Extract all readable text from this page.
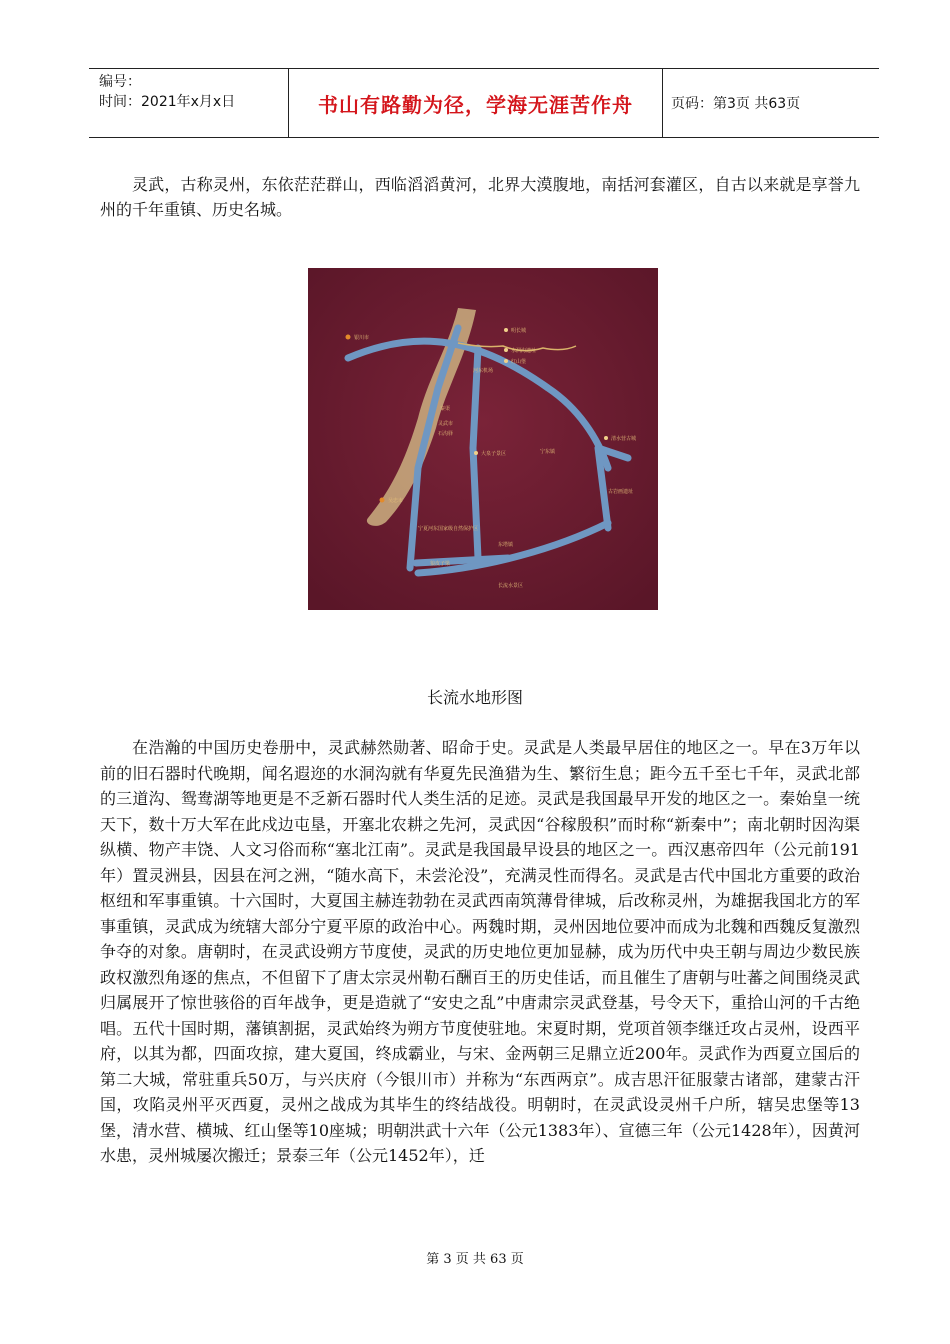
编号：
时间：2021年x月x日	书山有路勤为径，学海无涯苦作舟	页码：第3页 共63页
灵武，古称灵州，东依茫茫群山，西临滔滔黄河，北界大漠腹地，南括河套灌区，自古以来就是享誉九州的千年重镇、历史名城。
银川市
明长城
水洞沟遗址
红山堡
河东机场
秦渠
灵武市
石沟驿
大泉子景区	宁东镇
清水营古城
古岩画遗址
吴忠市
宁夏河东国家级自然保护区
东塔镇
狼皮子梁
长流水景区
长流水地形图
在浩瀚的中国历史卷册中，灵武赫然勋著、昭命于史。灵武是人类最早居住的地区之一。早在3万年以前的旧石器时代晚期，闻名遐迩的水洞沟就有华夏先民渔猎为生、繁衍生息；距今五千至七千年，灵武北部的三道沟、鸳鸯湖等地更是不乏新石器时代人类生活的足迹。灵武是我国最早开发的地区之一。秦始皇一统天下，数十万大军在此戍边屯垦，开塞北农耕之先河，灵武因“谷稼殷积”而时称“新秦中”；南北朝时因沟渠纵横、物产丰饶、人文习俗而称“塞北江南”。灵武是我国最早设县的地区之一。西汉惠帝四年（公元前191年）置灵洲县，因县在河之洲，“随水高下，未尝沦没”，充满灵性而得名。灵武是古代中国北方重要的政治枢纽和军事重镇。十六国时，大夏国主赫连勃勃在灵武西南筑薄骨律城，后改称灵州，为雄据我国北方的军事重镇，灵武成为统辖大部分宁夏平原的政治中心。两魏时期，灵州因地位要冲而成为北魏和西魏反复激烈争夺的对象。唐朝时，在灵武设朔方节度使，灵武的历史地位更加显赫，成为历代中央王朝与周边少数民族政权激烈角逐的焦点，不但留下了唐太宗灵州勒石酬百王的历史佳话，而且催生了唐朝与吐蕃之间围绕灵武归属展开了惊世骇俗的百年战争，更是造就了“安史之乱”中唐肃宗灵武登基，号令天下，重拾山河的千古绝唱。五代十国时期，藩镇割据，灵武始终为朔方节度使驻地。宋夏时期，党项首领李继迁攻占灵州，设西平府，以其为都，四面攻掠，建大夏国，终成霸业，与宋、金两朝三足鼎立近200年。灵武作为西夏立国后的第二大城，常驻重兵50万，与兴庆府（今银川市）并称为“东西两京”。成吉思汗征服蒙古诸部，建蒙古汗国，攻陷灵州平灭西夏，灵州之战成为其毕生的终结战役。明朝时，在灵武设灵州千户所，辖吴忠堡等13堡，清水营、横城、红山堡等10座城；明朝洪武十六年（公元1383年）、宣德三年（公元1428年），因黄河水患，灵州城屡次搬迁；景泰三年（公元1452年），迁
第 3 页 共 63 页
